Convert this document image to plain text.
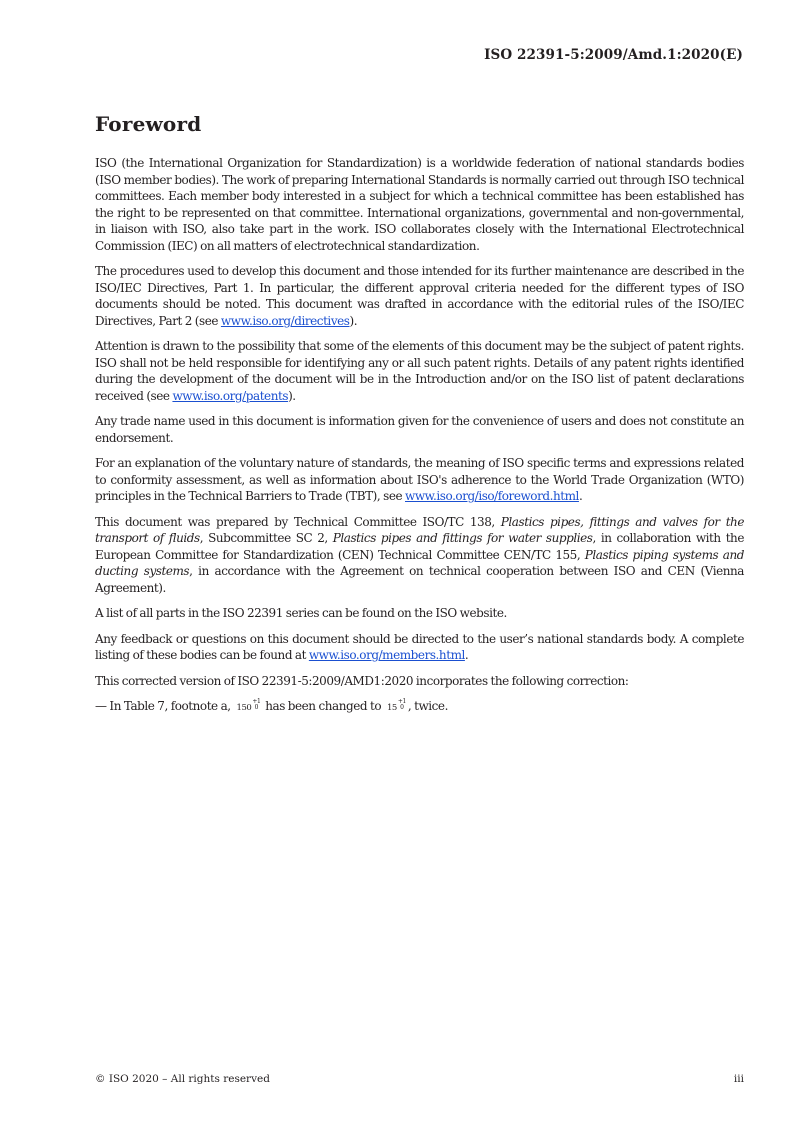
ISO 22391-5:2009/Amd.1:2020(E)
Foreword

ISO (the International Organization for Standardization) is a worldwide federation of national standards bodies (ISO member bodies). The work of preparing International Standards is normally carried out through ISO technical committees. Each member body interested in a subject for which a technical committee has been established has the right to be represented on that committee. International organizations, governmental and non-governmental, in liaison with ISO, also take part in the work. ISO collaborates closely with the International Electrotechnical Commission (IEC) on all matters of electrotechnical standardization.

The procedures used to develop this document and those intended for its further maintenance are described in the ISO/IEC Directives, Part 1. In particular, the different approval criteria needed for the different types of ISO documents should be noted. This document was drafted in accordance with the editorial rules of the ISO/IEC Directives, Part 2 (see www.iso.org/directives).

Attention is drawn to the possibility that some of the elements of this document may be the subject of patent rights. ISO shall not be held responsible for identifying any or all such patent rights. Details of any patent rights identified during the development of the document will be in the Introduction and/or on the ISO list of patent declarations received (see www.iso.org/patents).

Any trade name used in this document is information given for the convenience of users and does not constitute an endorsement.

For an explanation of the voluntary nature of standards, the meaning of ISO specific terms and expressions related to conformity assessment, as well as information about ISO's adherence to the World Trade Organization (WTO) principles in the Technical Barriers to Trade (TBT), see www.iso.org/iso/foreword.html.

This document was prepared by Technical Committee ISO/TC 138, Plastics pipes, fittings and valves for the transport of fluids, Subcommittee SC 2, Plastics pipes and fittings for water supplies, in collaboration with the European Committee for Standardization (CEN) Technical Committee CEN/TC 155, Plastics piping systems and ducting systems, in accordance with the Agreement on technical cooperation between ISO and CEN (Vienna Agreement).

A list of all parts in the ISO 22391 series can be found on the ISO website.

Any feedback or questions on this document should be directed to the user’s national standards body. A complete listing of these bodies can be found at www.iso.org/members.html.

This corrected version of ISO 22391-5:2009/AMD1:2020 incorporates the following correction:

— In Table 7, footnote a, 150
+1
0 has been changed to 15
+1
0 , twice.

© ISO 2020 – All rights reserved	iii
